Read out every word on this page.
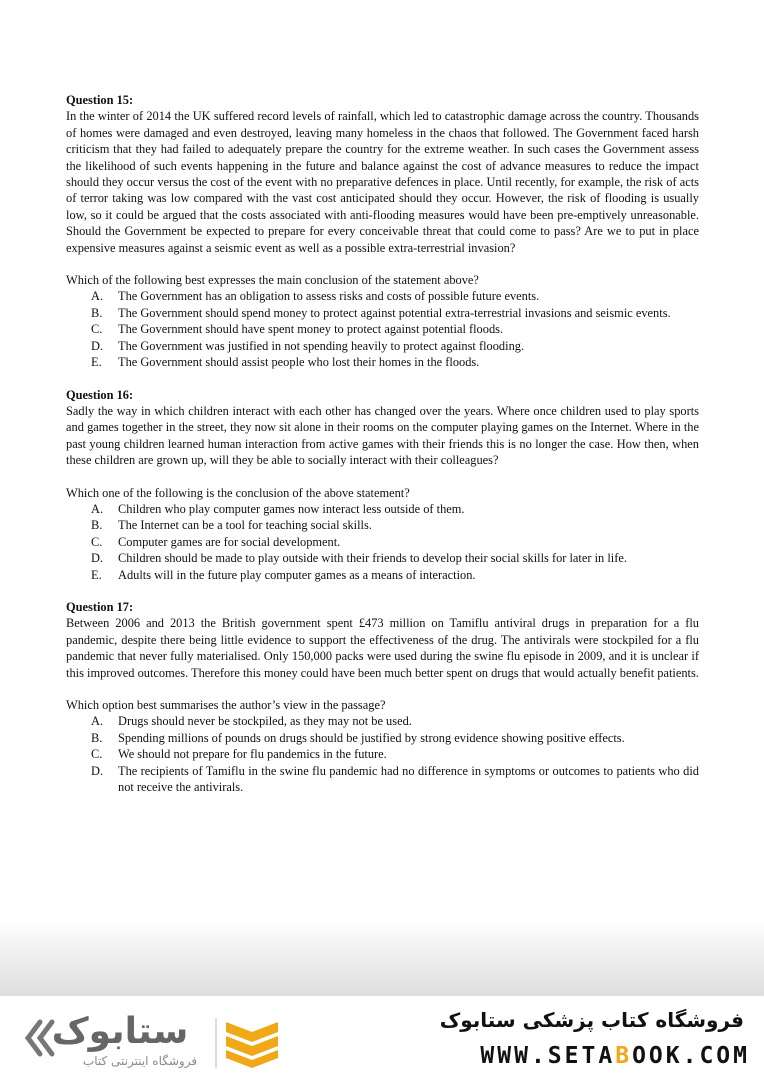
Question 15:

In the winter of 2014 the UK suffered record levels of rainfall, which led to catastrophic damage across the country. Thousands of homes were damaged and even destroyed, leaving many homeless in the chaos that followed. The Government faced harsh criticism that they had failed to adequately prepare the country for the extreme weather. In such cases the Government assess the likelihood of such events happening in the future and balance against the cost of advance measures to reduce the impact should they occur versus the cost of the event with no preparative defences in place. Until recently, for example, the risk of acts of terror taking was low compared with the vast cost anticipated should they occur. However, the risk of flooding is usually low, so it could be argued that the costs associated with anti-flooding measures would have been pre-emptively unreasonable. Should the Government be expected to prepare for every conceivable threat that could come to pass? Are we to put in place expensive measures against a seismic event as well as a possible extra-terrestrial invasion?

Which of the following best expresses the main conclusion of the statement above?

A.	The Government has an obligation to assess risks and costs of possible future events.
B.	The Government should spend money to protect against potential extra-terrestrial invasions and seismic events.
C.	The Government should have spent money to protect against potential floods.
D.	The Government was justified in not spending heavily to protect against flooding.
E.	The Government should assist people who lost their homes in the floods.

Question 16:

Sadly the way in which children interact with each other has changed over the years. Where once children used to play sports and games together in the street, they now sit alone in their rooms on the computer playing games on the Internet. Where in the past young children learned human interaction from active games with their friends this is no longer the case. How then, when these children are grown up, will they be able to socially interact with their colleagues?

Which one of the following is the conclusion of the above statement?

A.	Children who play computer games now interact less outside of them.
B.	The Internet can be a tool for teaching social skills.
C.	Computer games are for social development.
D.	Children should be made to play outside with their friends to develop their social skills for later in life.
E.	Adults will in the future play computer games as a means of interaction.

Question 17:

Between 2006 and 2013 the British government spent £473 million on Tamiflu antiviral drugs in preparation for a flu pandemic, despite there being little evidence to support the effectiveness of the drug. The antivirals were stockpiled for a flu pandemic that never fully materialised. Only 150,000 packs were used during the swine flu episode in 2009, and it is unclear if this improved outcomes. Therefore this money could have been much better spent on drugs that would actually benefit patients.

Which option best summarises the author’s view in the passage?

A.	Drugs should never be stockpiled, as they may not be used.
B.	Spending millions of pounds on drugs should be justified by strong evidence showing positive effects.
C.	We should not prepare for flu pandemics in the future.
D.	The recipients of Tamiflu in the swine flu pandemic had no difference in symptoms or outcomes to patients who did not receive the antivirals.
ستابوک
فروشگاه اینترنتی کتاب
فروشگاه کتاب پزشکی ستابوک
WWW.SETABOOK.COM
